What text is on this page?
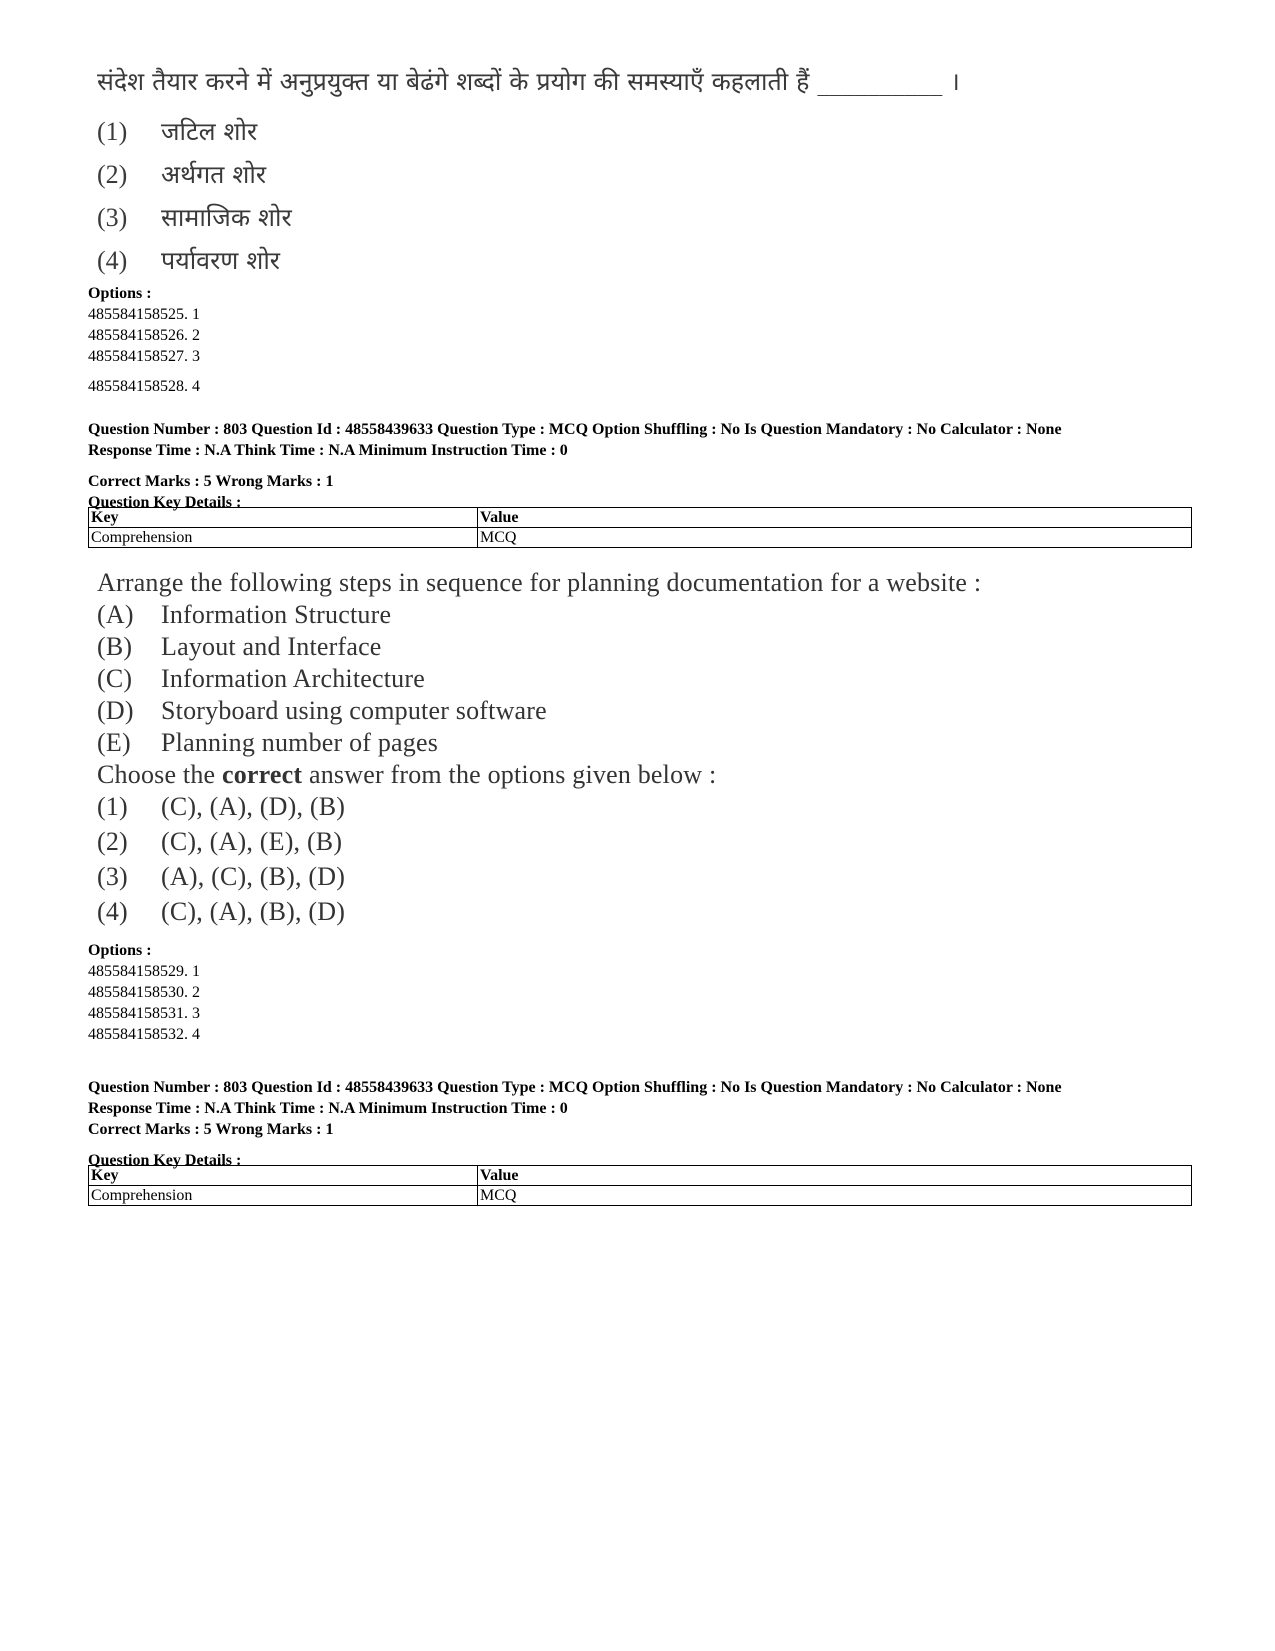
संदेश तैयार करने में अनुप्रयुक्त या बेढंगे शब्दों के प्रयोग की समस्याएँ कहलाती हैं __________ ।
(1) जटिल शोर
(2) अर्थगत शोर
(3) सामाजिक शोर
(4) पर्यावरण शोर
Options :
485584158525. 1
485584158526. 2
485584158527. 3
485584158528. 4
Question Number : 803 Question Id : 48558439633 Question Type : MCQ Option Shuffling : No Is Question Mandatory : No Calculator : None
Response Time : N.A Think Time : N.A Minimum Instruction Time : 0
Correct Marks : 5 Wrong Marks : 1
Question Key Details :
Key	Value
Comprehension	MCQ
Arrange the following steps in sequence for planning documentation for a website :
(A) Information Structure
(B) Layout and Interface
(C) Information Architecture
(D) Storyboard using computer software
(E) Planning number of pages
Choose the correct answer from the options given below :
(1) (C), (A), (D), (B)
(2) (C), (A), (E), (B)
(3) (A), (C), (B), (D)
(4) (C), (A), (B), (D)
Options :
485584158529. 1
485584158530. 2
485584158531. 3
485584158532. 4
Question Number : 803 Question Id : 48558439633 Question Type : MCQ Option Shuffling : No Is Question Mandatory : No Calculator : None
Response Time : N.A Think Time : N.A Minimum Instruction Time : 0
Correct Marks : 5 Wrong Marks : 1
Question Key Details :
Key	Value
Comprehension	MCQ
